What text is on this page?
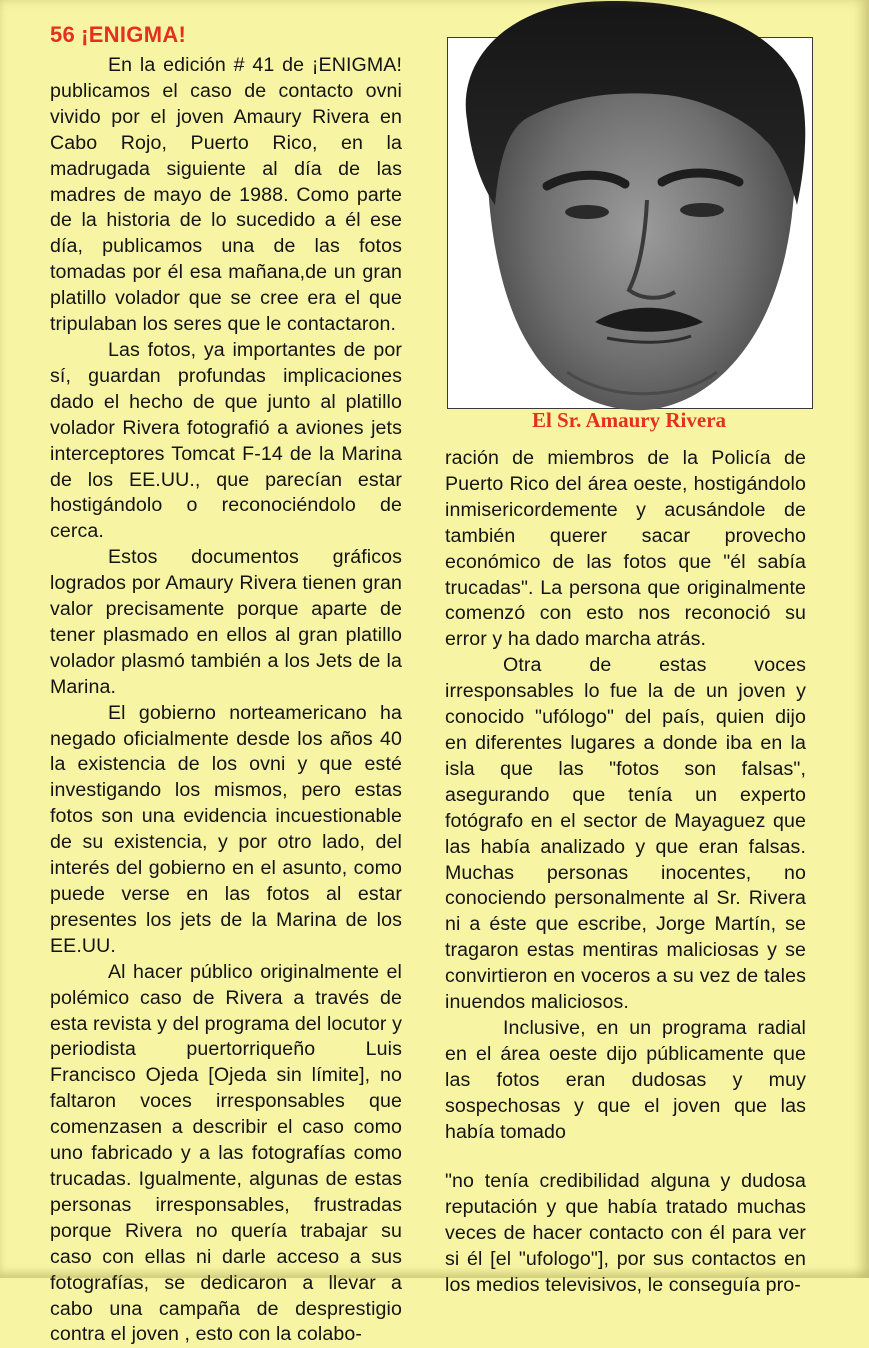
56 ¡ENIGMA!

En la edición # 41 de ¡ENIGMA! publicamos el caso de contacto ovni vivido por el joven Amaury Rivera en Cabo Rojo, Puerto Rico, en la madrugada siguiente al día de las madres de mayo de 1988. Como parte de la historia de lo sucedido a él ese día, publicamos una de las fotos tomadas por él esa mañana,de un gran platillo volador que se cree era el que tripulaban los seres que le contactaron.

Las fotos, ya importantes de por sí, guardan profundas implicaciones dado el hecho de que junto al platillo volador Rivera fotografió a aviones jets interceptores Tomcat F-14 de la Marina de los EE.UU., que parecían estar hostigándolo o reconociéndolo de cerca.

Estos documentos gráficos logrados por Amaury Rivera tienen gran valor precisamente porque aparte de tener plasmado en ellos al gran platillo volador plasmó también a los Jets de la Marina.

El gobierno norteamericano ha negado oficialmente desde los años 40 la existencia de los ovni y que esté investigando los mismos, pero estas fotos son una evidencia incuestionable de su existencia, y por otro lado, del interés del gobierno en el asunto, como puede verse en las fotos al estar presentes los jets de la Marina de los EE.UU.

Al hacer público originalmente el polémico caso de Rivera a través de esta revista y del programa del locutor y periodista puertorriqueño Luis Francisco Ojeda [Ojeda sin límite], no faltaron voces irresponsables que comenzasen a describir el caso como uno fabricado y a las fotografías como trucadas. Igualmente, algunas de estas personas irresponsables, frustradas porque Rivera no quería trabajar su caso con ellas ni darle acceso a sus fotografías, se dedicaron a llevar a cabo una campaña de desprestigio contra el joven , esto con la colabo-

El Sr. Amaury Rivera

ración de miembros de la Policía de Puerto Rico del área oeste, hostigándolo inmisericordemente y acusándole de también querer sacar provecho económico de las fotos que "él sabía trucadas". La persona que originalmente comenzó con esto nos reconoció su error y ha dado marcha atrás.

Otra de estas voces irresponsables lo fue la de un joven y conocido "ufólogo" del país, quien dijo en diferentes lugares a donde iba en la isla que las "fotos son falsas", asegurando que tenía un experto fotógrafo en el sector de Mayaguez que las había analizado y que eran falsas. Muchas personas inocentes, no conociendo personalmente al Sr. Rivera ni a éste que escribe, Jorge Martín, se tragaron estas mentiras maliciosas y se convirtieron en voceros a su vez de tales inuendos maliciosos.

Inclusive, en un programa radial en el área oeste dijo públicamente que las fotos eran dudosas y muy sospechosas y que el joven que las había tomado

"no tenía credibilidad alguna y dudosa reputación y que había tratado muchas veces de hacer contacto con él para ver si él [el "ufologo"], por sus contactos en los medios televisivos, le conseguía pro-
